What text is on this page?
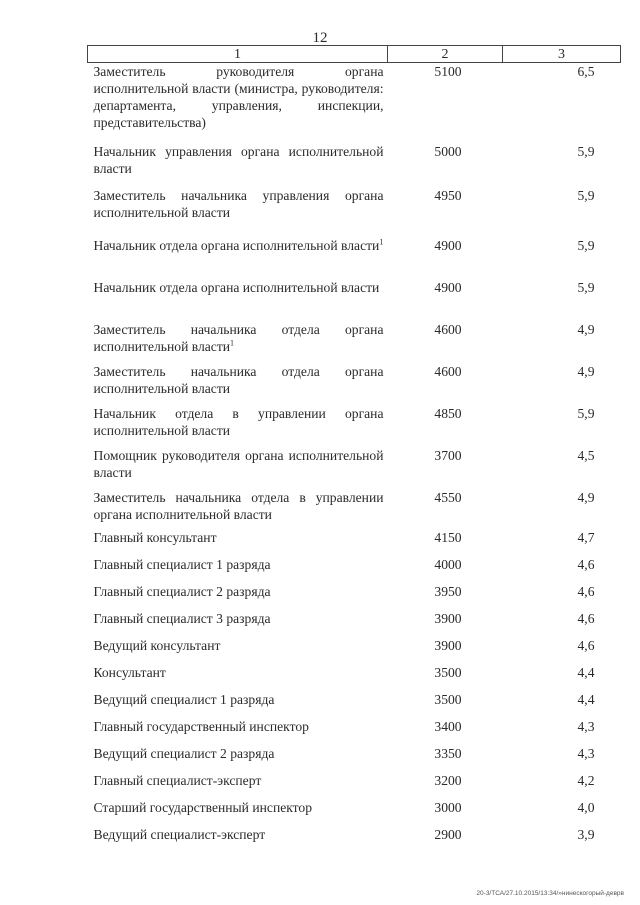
12
1	2	3
Заместитель руководителя органа исполнительной власти (министра, руководителя: департамента, управления, инспекции, представительства)	5100	6,5
Начальник управления органа исполнительной власти	5000	5,9
Заместитель начальника управления органа исполнительной власти	4950	5,9
Начальник отдела органа исполнительной власти$^1$	4900	5,9
Начальник отдела органа исполнительной власти	4900	5,9
Заместитель начальника отдела органа исполнительной власти$^1$	4600	4,9
Заместитель начальника отдела органа исполнительной власти	4600	4,9
Начальник отдела в управлении органа исполнительной власти	4850	5,9
Помощник руководителя органа исполнительной власти	3700	4,5
Заместитель начальника отдела в управлении органа исполнительной власти	4550	4,9
Главный консультант	4150	4,7
Главный специалист 1 разряда	4000	4,6
Главный специалист 2 разряда	3950	4,6
Главный специалист 3 разряда	3900	4,6
Ведущий консультант	3900	4,6
Консультант	3500	4,4
Ведущий специалист 1 разряда	3500	4,4
Главный государственный инспектор	3400	4,3
Ведущий специалист 2 разряда	3350	4,3
Главный специалист-эксперт	3200	4,2
Старший государственный инспектор	3000	4,0
Ведущий специалист-эксперт	2900	3,9
20-3/ТСА/27.10.2015/13:34/»нинескогорый-деврв
